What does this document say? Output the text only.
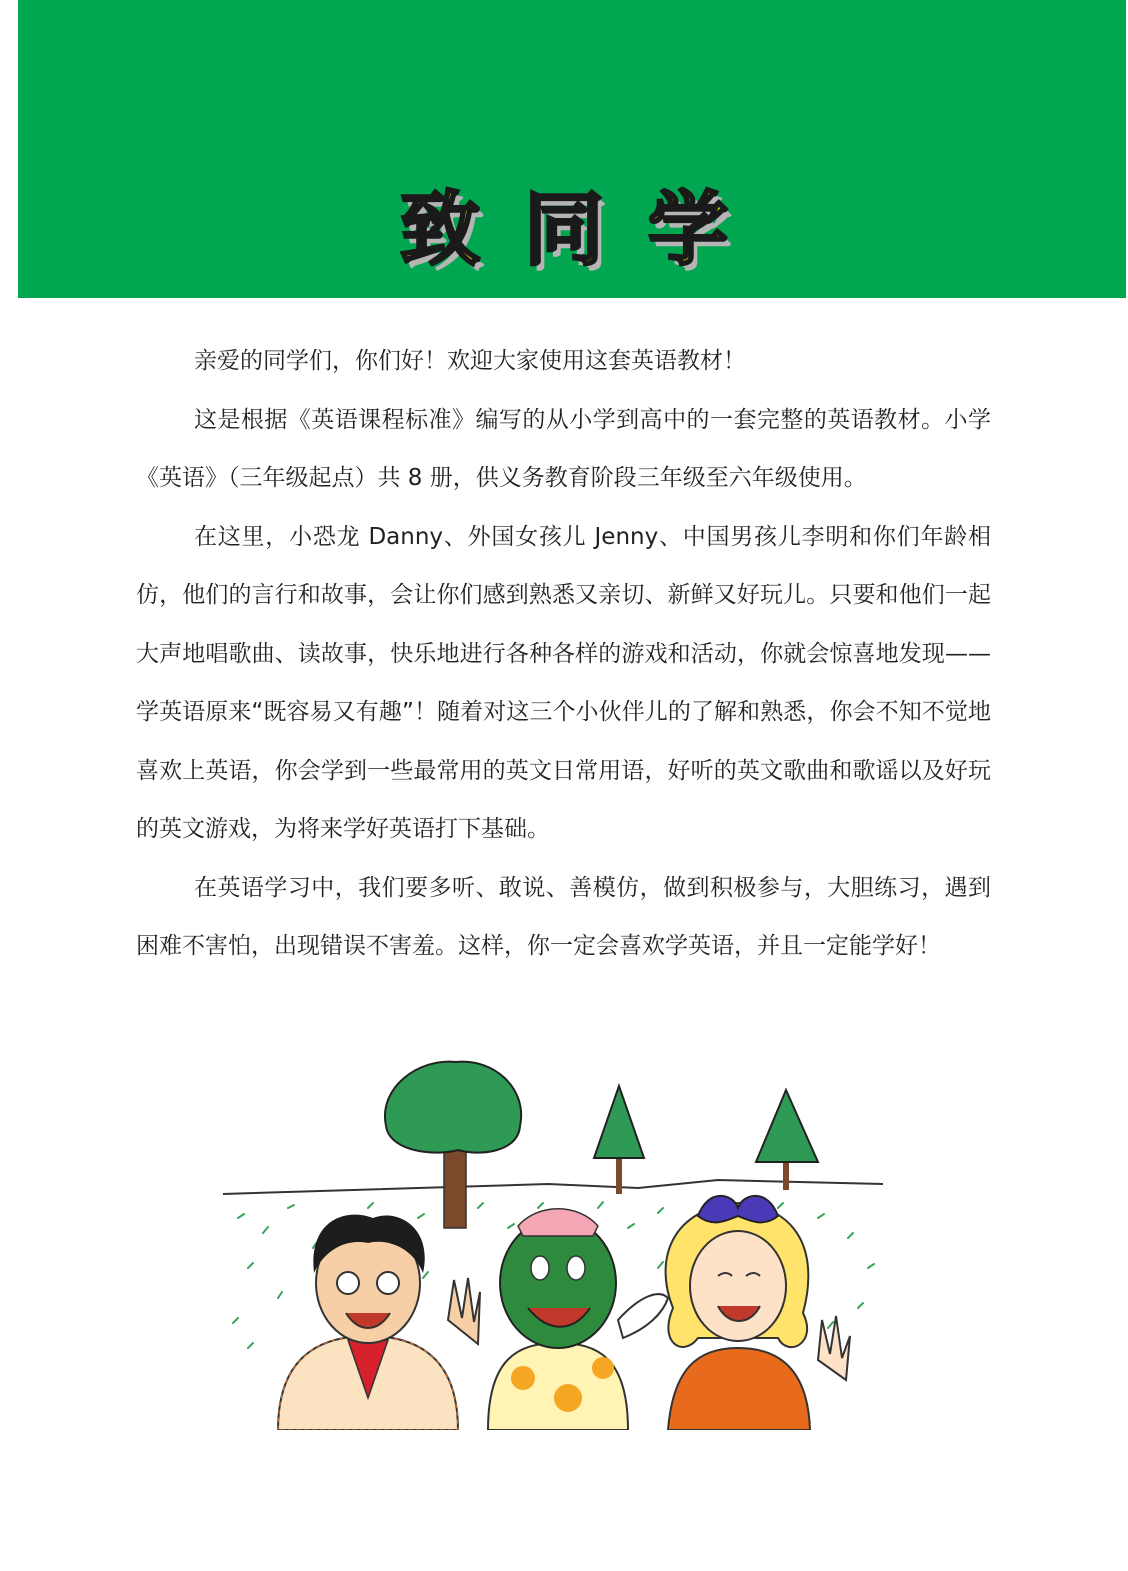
致 同 学

亲爱的同学们，你们好！欢迎大家使用这套英语教材！

这是根据《英语课程标准》编写的从小学到高中的一套完整的英语教材。小学《英语》（三年级起点）共 8 册，供义务教育阶段三年级至六年级使用。

在这里，小恐龙 Danny、外国女孩儿 Jenny、中国男孩儿李明和你们年龄相仿，他们的言行和故事，会让你们感到熟悉又亲切、新鲜又好玩儿。只要和他们一起大声地唱歌曲、读故事，快乐地进行各种各样的游戏和活动，你就会惊喜地发现——学英语原来“既容易又有趣”！随着对这三个小伙伴儿的了解和熟悉，你会不知不觉地喜欢上英语，你会学到一些最常用的英文日常用语，好听的英文歌曲和歌谣以及好玩的英文游戏，为将来学好英语打下基础。

在英语学习中，我们要多听、敢说、善模仿，做到积极参与，大胆练习，遇到困难不害怕，出现错误不害羞。这样，你一定会喜欢学英语，并且一定能学好！
